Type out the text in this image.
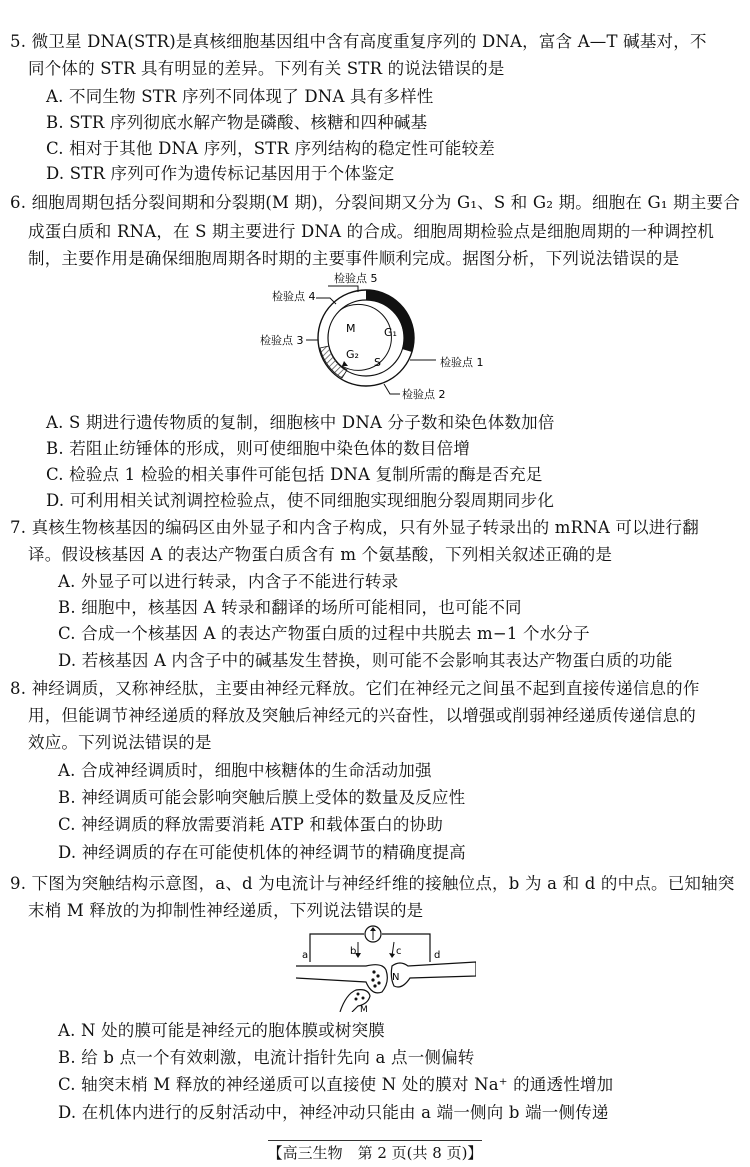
5. 微卫星 DNA(STR)是真核细胞基因组中含有高度重复序列的 DNA，富含 A—T 碱基对，不
同个体的 STR 具有明显的差异。下列有关 STR 的说法错误的是
A. 不同生物 STR 序列不同体现了 DNA 具有多样性
B. STR 序列彻底水解产物是磷酸、核糖和四种碱基
C. 相对于其他 DNA 序列，STR 序列结构的稳定性可能较差
D. STR 序列可作为遗传标记基因用于个体鉴定
6. 细胞周期包括分裂间期和分裂期(M 期)，分裂间期又分为 G₁、S 和 G₂ 期。细胞在 G₁ 期主要合
成蛋白质和 RNA，在 S 期主要进行 DNA 的合成。细胞周期检验点是细胞周期的一种调控机
制，主要作用是确保细胞周期各时期的主要事件顺利完成。据图分析，下列说法错误的是
M	G₁
G₂
S
检验点 5
检验点 4
检验点 3
检验点 1
检验点 2
A. S 期进行遗传物质的复制，细胞核中 DNA 分子数和染色体数加倍
B. 若阻止纺锤体的形成，则可使细胞中染色体的数目倍增
C. 检验点 1 检验的相关事件可能包括 DNA 复制所需的酶是否充足
D. 可利用相关试剂调控检验点，使不同细胞实现细胞分裂周期同步化
7. 真核生物核基因的编码区由外显子和内含子构成，只有外显子转录出的 mRNA 可以进行翻
译。假设核基因 A 的表达产物蛋白质含有 m 个氨基酸，下列相关叙述正确的是
A. 外显子可以进行转录，内含子不能进行转录
B. 细胞中，核基因 A 转录和翻译的场所可能相同，也可能不同
C. 合成一个核基因 A 的表达产物蛋白质的过程中共脱去 m−1 个水分子
D. 若核基因 A 内含子中的碱基发生替换，则可能不会影响其表达产物蛋白质的功能
8. 神经调质，又称神经肽，主要由神经元释放。它们在神经元之间虽不起到直接传递信息的作
用，但能调节神经递质的释放及突触后神经元的兴奋性，以增强或削弱神经递质传递信息的
效应。下列说法错误的是
A. 合成神经调质时，细胞中核糖体的生命活动加强
B. 神经调质可能会影响突触后膜上受体的数量及反应性
C. 神经调质的释放需要消耗 ATP 和载体蛋白的协助
D. 神经调质的存在可能使机体的神经调节的精确度提高
9. 下图为突触结构示意图，a、d 为电流计与神经纤维的接触位点，b 为 a 和 d 的中点。已知轴突
末梢 M 释放的为抑制性神经递质，下列说法错误的是
a	b	c	d
N
M
A. N 处的膜可能是神经元的胞体膜或树突膜
B. 给 b 点一个有效刺激，电流计指针先向 a 点一侧偏转
C. 轴突末梢 M 释放的神经递质可以直接使 N 处的膜对 Na⁺ 的通透性增加
D. 在机体内进行的反射活动中，神经冲动只能由 a 端一侧向 b 端一侧传递
【高三生物　第 2 页(共 8 页)】
